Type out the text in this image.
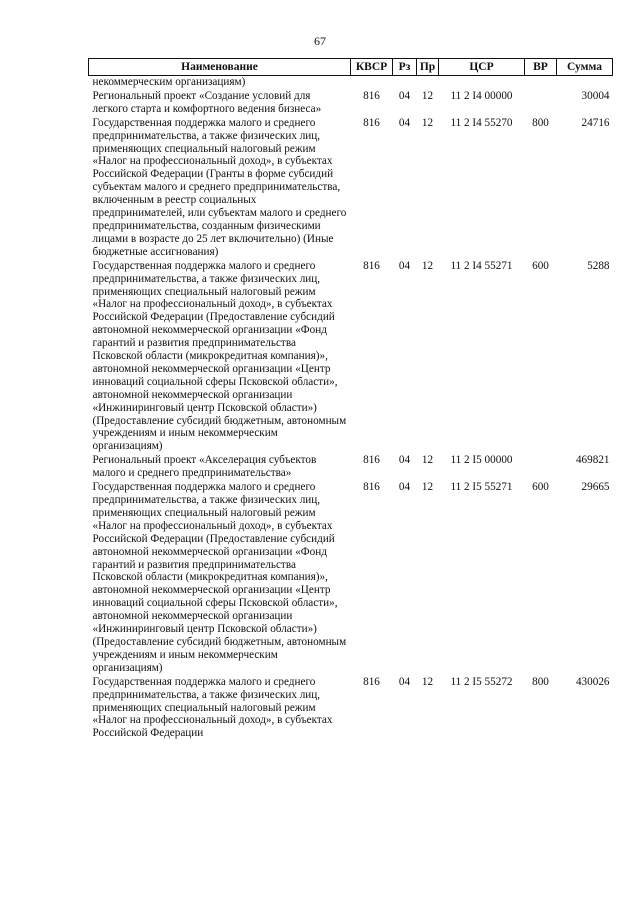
67
Наименование	КВСР	Рз	Пр	ЦСР	ВР	Сумма
некоммерческим организациям)						
Региональный проект «Создание условий для легкого старта и комфортного ведения бизнеса»	816	04	12	11 2 I4 00000		30004
Государственная поддержка малого и среднего предпринимательства, а также физических лиц, применяющих специальный налоговый режим «Налог на профессиональный доход», в субъектах Российской Федерации (Гранты в форме субсидий субъектам малого и среднего предпринимательства, включенным в реестр социальных предпринимателей, или субъектам малого и среднего предпринимательства, созданным физическими лицами в возрасте до 25 лет включительно) (Иные бюджетные ассигнования)	816	04	12	11 2 I4 55270	800	24716
Государственная поддержка малого и среднего предпринимательства, а также физических лиц, применяющих специальный налоговый режим «Налог на профессиональный доход», в субъектах Российской Федерации (Предоставление субсидий автономной некоммерческой организации «Фонд гарантий и развития предпринимательства Псковской области (микрокредитная компания)», автономной некоммерческой организации «Центр инноваций социальной сферы Псковской области», автономной некоммерческой организации «Инжиниринговый центр Псковской области») (Предоставление субсидий бюджетным, автономным учреждениям и иным некоммерческим организациям)	816	04	12	11 2 I4 55271	600	5288
Региональный проект «Акселерация субъектов малого и среднего предпринимательства»	816	04	12	11 2 I5 00000		469821
Государственная поддержка малого и среднего предпринимательства, а также физических лиц, применяющих специальный налоговый режим «Налог на профессиональный доход», в субъектах Российской Федерации (Предоставление субсидий автономной некоммерческой организации «Фонд гарантий и развития предпринимательства Псковской области (микрокредитная компания)», автономной некоммерческой организации «Центр инноваций социальной сферы Псковской области», автономной некоммерческой организации «Инжиниринговый центр Псковской области») (Предоставление субсидий бюджетным, автономным учреждениям и иным некоммерческим организациям)	816	04	12	11 2 I5 55271	600	29665
Государственная поддержка малого и среднего предпринимательства, а также физических лиц, применяющих специальный налоговый режим «Налог на профессиональный доход», в субъектах Российской Федерации	816	04	12	11 2 I5 55272	800	430026
